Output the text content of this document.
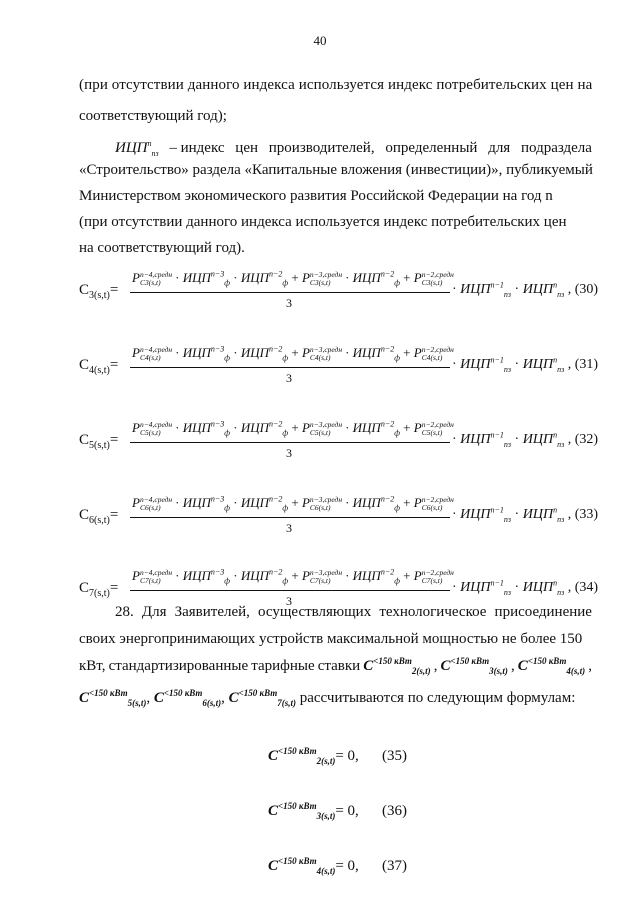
40
(при отсутствии данного индекса используется индекс потребительских цен на
соответствующий год);
$ИЦП^n_{пз}$ – индекс цен производителей, определенный для подраздела
«Строительство» раздела «Капитальные вложения (инвестиции)», публикуемый
Министерством экономического развития Российской Федерации на год n
(при отсутствии данного индекса используется индекс потребительских цен
на соответствующий год).
$C_{3(s,t)}=$
P n−4,средн
C3(s,t)	· $ИЦП^{n-3}_ф \cdot ИЦП^{n-2}_ф + P$ n−3,средн
C3(s,t)	· $ИЦП^{n-2}_ф + P$ n−2,средн
C3(s,t)
3
· $ИЦП^{n-1}_{пз} \cdot ИЦП^n_{пз}$ , (30)
$C_{4(s,t)}=$
P n−4,средн
C4(s,t)	· $ИЦП^{n-3}_ф \cdot ИЦП^{n-2}_ф + P$ n−3,средн
C4(s,t)	· $ИЦП^{n-2}_ф + P$ n−2,средн
C4(s,t)
3
· $ИЦП^{n-1}_{пз} \cdot ИЦП^n_{пз}$ , (31)
$C_{5(s,t)}=$
P n−4,средн
C5(s,t)	· $ИЦП^{n-3}_ф \cdot ИЦП^{n-2}_ф + P$ n−3,средн
C5(s,t)	· $ИЦП^{n-2}_ф + P$ n−2,средн
C5(s,t)
3
· $ИЦП^{n-1}_{пз} \cdot ИЦП^n_{пз}$ , (32)
$C_{6(s,t)}=$
P n−4,средн
C6(s,t)	· $ИЦП^{n-3}_ф \cdot ИЦП^{n-2}_ф + P$ n−3,средн
C6(s,t)	· $ИЦП^{n-2}_ф + P$ n−2,средн
C6(s,t)
3
· $ИЦП^{n-1}_{пз} \cdot ИЦП^n_{пз}$ , (33)
$C_{7(s,t)}=$
P n−4,средн
C7(s,t)	· $ИЦП^{n-3}_ф \cdot ИЦП^{n-2}_ф + P$ n−3,средн
C7(s,t)	· $ИЦП^{n-2}_ф + P$ n−2,средн
C7(s,t)
3
· $ИЦП^{n-1}_{пз} \cdot ИЦП^n_{пз}$ , (34)
28. Для Заявителей, осуществляющих технологическое присоединение
своих энергопринимающих устройств максимальной мощностью не более 150
кВт, стандартизированные тарифные ставки $C^{<150 кВт}_{2(s,t)}$ , $C^{<150 кВт}_{3(s,t)}$ , $C^{<150 кВт}_{4(s,t)}$ ,
$C^{<150 кВт}_{5(s,t)}$, $C^{<150 кВт}_{6(s,t)}$, $C^{<150 кВт}_{7(s,t)}$ рассчитываются по следующим формулам:
$C^{<150 кВт}_{2(s,t)}= 0$, (35)
$C^{<150 кВт}_{3(s,t)}= 0$, (36)
$C^{<150 кВт}_{4(s,t)}= 0$, (37)
